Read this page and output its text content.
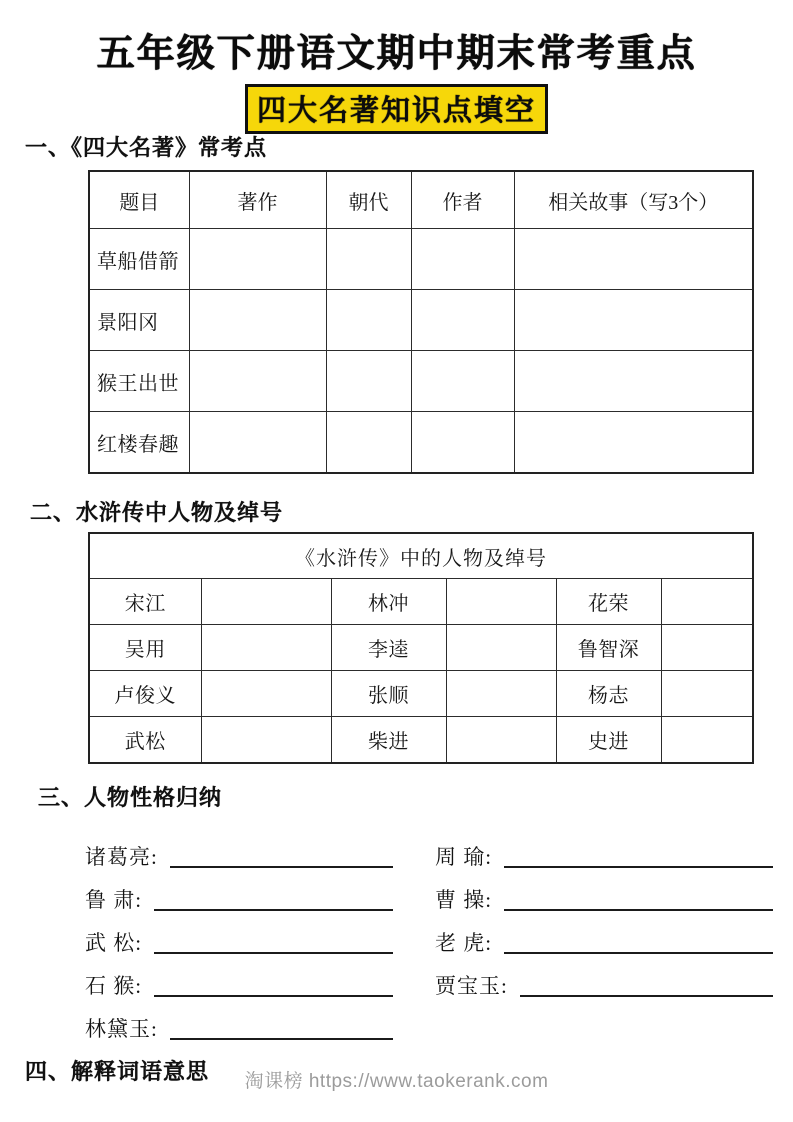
五年级下册语文期中期末常考重点
四大名著知识点填空
一、《四大名著》常考点
题目	著作	朝代	作者	相关故事（写3个）
草船借箭				
景阳冈				
猴王出世				
红楼春趣				
二、水浒传中人物及绰号
《水浒传》中的人物及绰号					
宋江		林冲		花荣	
吴用		李逵		鲁智深	
卢俊义		张顺		杨志	
武松		柴进		史进	
三、人物性格归纳
诸葛亮:	周 瑜:
鲁 肃:	曹 操:
武 松:	老 虎:
石 猴:	贾宝玉:
林黛玉:
四、解释词语意思	淘课榜 https://www.taokerank.com
